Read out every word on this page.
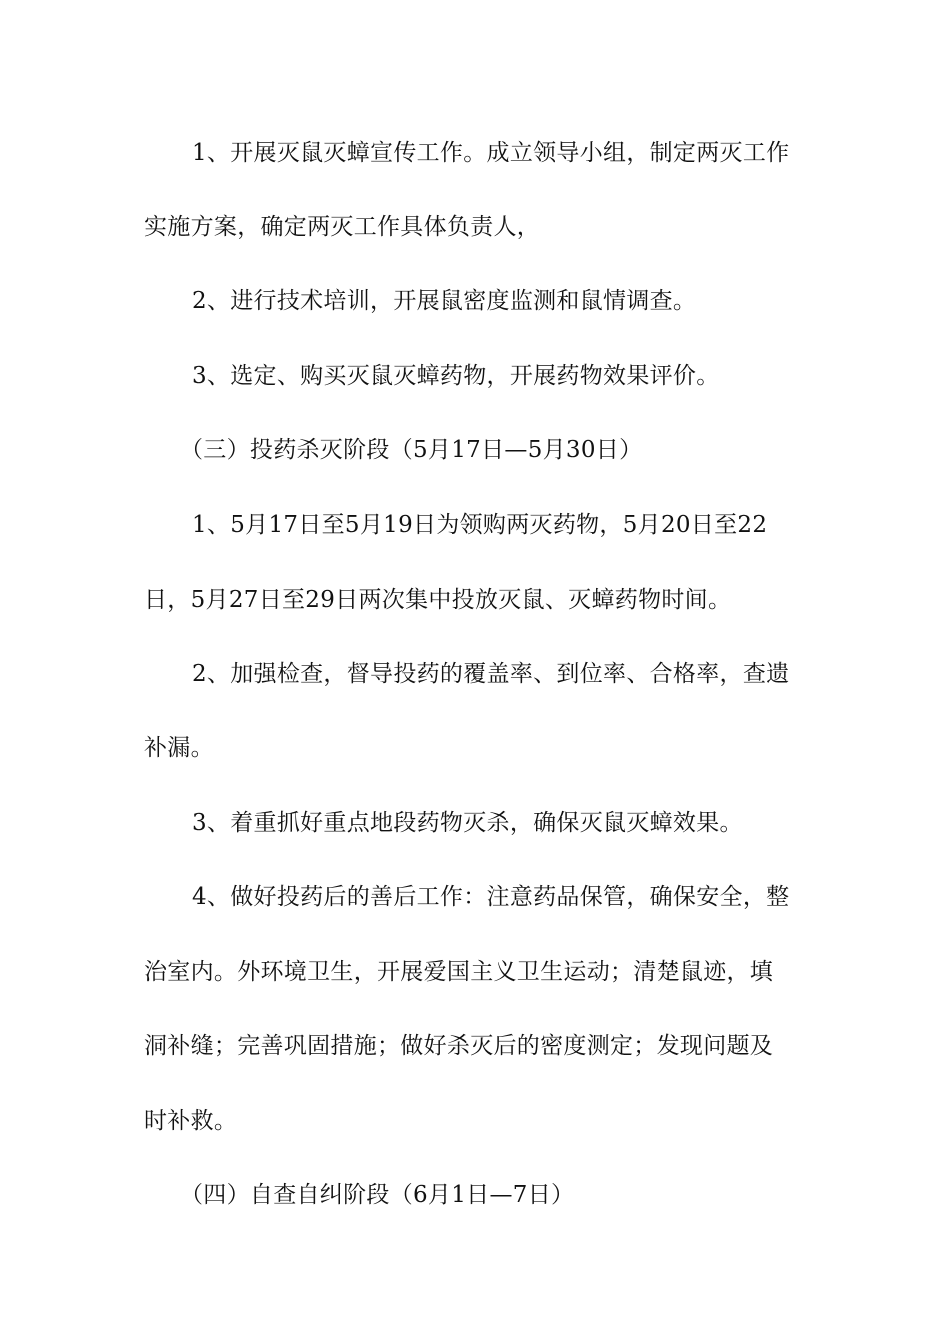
1、开展灭鼠灭蟑宣传工作。成立领导小组，制定两灭工作
实施方案，确定两灭工作具体负责人，
2、进行技术培训，开展鼠密度监测和鼠情调查。
3、选定、购买灭鼠灭蟑药物，开展药物效果评价。
（三）投药杀灭阶段（5月17日—5月30日）
1、5月17日至5月19日为领购两灭药物，5月20日至22
日，5月27日至29日两次集中投放灭鼠、灭蟑药物时间。
2、加强检查，督导投药的覆盖率、到位率、合格率，查遗
补漏。
3、着重抓好重点地段药物灭杀，确保灭鼠灭蟑效果。
4、做好投药后的善后工作：注意药品保管，确保安全，整
治室内。外环境卫生，开展爱国主义卫生运动；清楚鼠迹，填
洞补缝；完善巩固措施；做好杀灭后的密度测定；发现问题及
时补救。
（四）自查自纠阶段（6月1日—7日）
